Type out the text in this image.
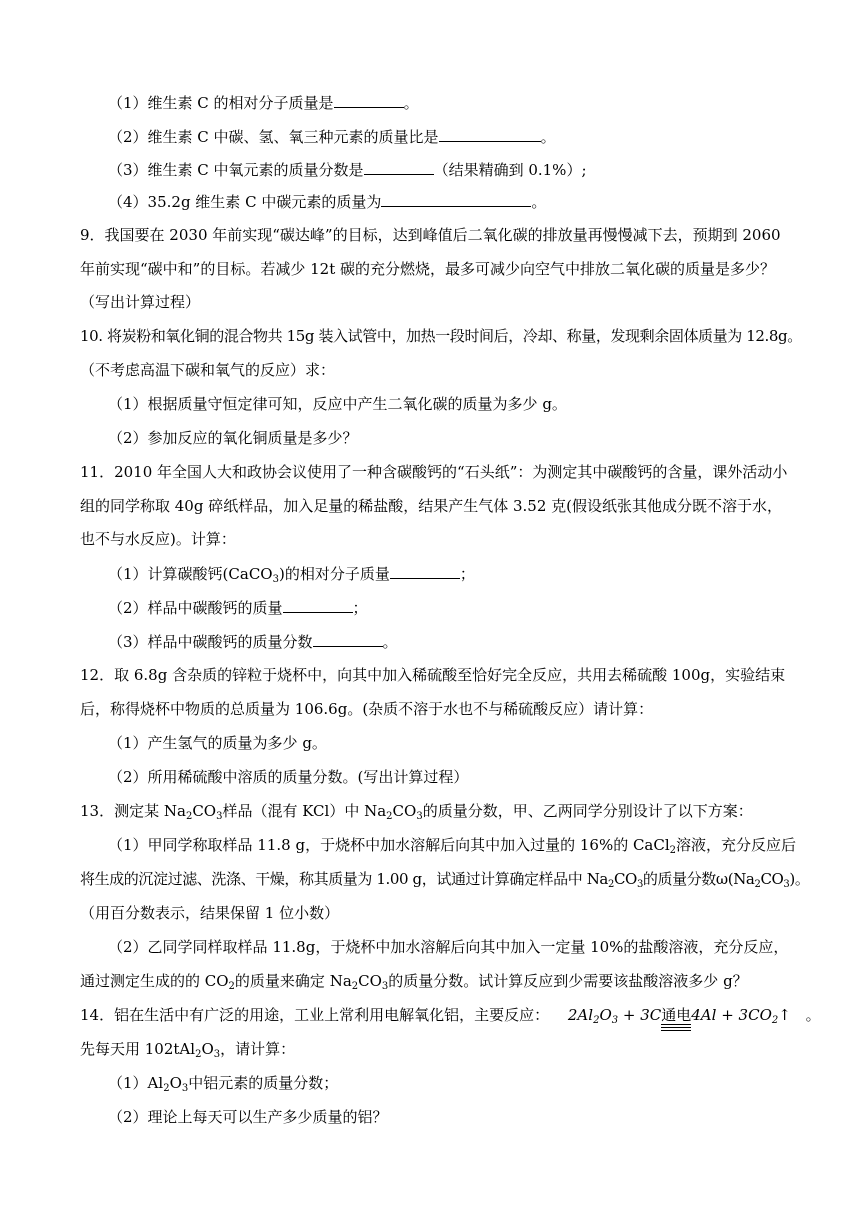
（1）维生素 C 的相对分子质量是	。
（2）维生素 C 中碳、氢、氧三种元素的质量比是	。
（3）维生素 C 中氧元素的质量分数是	（结果精确到 0.1%）;
（4）35.2g 维生素 C 中碳元素的质量为	。
9．我国要在 2030 年前实现“碳达峰”的目标，达到峰值后二氧化碳的排放量再慢慢减下去，预期到 2060
年前实现“碳中和”的目标。若减少 12t 碳的充分燃烧，最多可减少向空气中排放二氧化碳的质量是多少？
（写出计算过程）
10. 将炭粉和氧化铜的混合物共 15g 装入试管中，加热一段时间后，冷却、称量，发现剩余固体质量为 12.8g。
（不考虑高温下碳和氧气的反应）求：
（1）根据质量守恒定律可知，反应中产生二氧化碳的质量为多少 g。
（2）参加反应的氧化铜质量是多少？
11．2010 年全国人大和政协会议使用了一种含碳酸钙的“石头纸”：为测定其中碳酸钙的含量，课外活动小
组的同学称取 40g 碎纸样品，加入足量的稀盐酸，结果产生气体 3.52 克(假设纸张其他成分既不溶于水，
也不与水反应)。计算：
（1）计算碳酸钙(CaCO$_3$)的相对分子质量	；
（2）样品中碳酸钙的质量	；
（3）样品中碳酸钙的质量分数	。
12．取 6.8g 含杂质的锌粒于烧杯中，向其中加入稀硫酸至恰好完全反应，共用去稀硫酸 100g，实验结束
后，称得烧杯中物质的总质量为 106.6g。(杂质不溶于水也不与稀硫酸反应）请计算：
（1）产生氢气的质量为多少 g。
（2）所用稀硫酸中溶质的质量分数。(写出计算过程）
13．测定某 $Na_2CO_3$样品（混有 KCl）中 $Na_2CO_3$的质量分数，甲、乙两同学分别设计了以下方案：
（1）甲同学称取样品 11.8 g，于烧杯中加水溶解后向其中加入过量的 16%的 CaCl$_2$溶液，充分反应后
将生成的沉淀过滤、洗涤、干燥，称其质量为 1.00 g，试通过计算确定样品中 $Na_2CO_3$的质量分数$\omega(Na_2CO_3)$。
（用百分数表示，结果保留 1 位小数）
（2）乙同学同样取样品 11.8g，于烧杯中加水溶解后向其中加入一定量 10%的盐酸溶液，充分反应，
通过测定生成的的 $CO_2$的质量来确定 $Na_2CO_3$的质量分数。试计算反应到少需要该盐酸溶液多少 g？
14．铝在生活中有广泛的用途，工业上常利用电解氧化铝，主要反应： $2Al_2O_3 + 3C$通电$4Al + 3CO_2↑$ 。
先每天用 $102tAl_2O_3$，请计算：
$(1)Al_2O_3$中铝元素的质量分数；
（2）理论上每天可以生产多少质量的铝？
